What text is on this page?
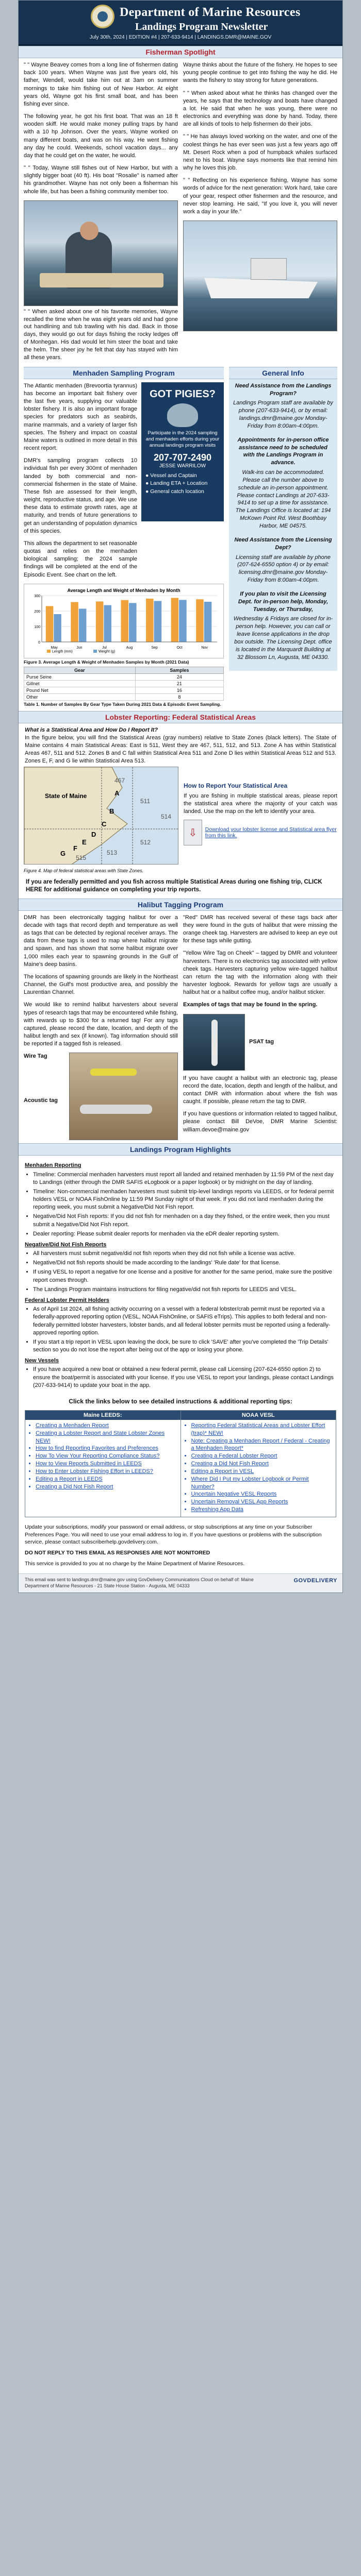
Department of Marine Resources
Landings Program Newsletter
July 30th, 2024 | EDITION #4 | 207-633-9414 | LANDINGS.DMR@MAINE.GOV
Fisherman Spotlight

" " Wayne Beavey comes from a long line of fishermen dating back 100 years. When Wayne was just five years old, his father, Wendell, would take him out at 3am on summer mornings to take him fishing out of New Harbor. At eight years old, Wayne got his first small boat, and has been fishing ever since.

The following year, he got his first boat. That was an 18 ft wooden skiff. He would make money pulling traps by hand with a 10 hp Johnson. Over the years, Wayne worked on many different boats, and was on his way. He went fishing any day he could. Weekends, school vacation days... any day that he could get on the water, he would.

" " Today, Wayne still fishes out of New Harbor, but with a slightly bigger boat (40 ft). His boat "Rosalie" is named after his grandmother. Wayne has not only been a fisherman his whole life, but has been a fishing community member too.

" " When asked about one of his favorite memories, Wayne recalled the time when he was eight years old and had gone out handlining and tub trawling with his dad. Back in those days, they would go out for days fishing the rocky ledges off of Monhegan. His dad would let him steer the boat and take the helm. The sheer joy he felt that day has stayed with him all these years.

Wayne thinks about the future of the fishery. He hopes to see young people continue to get into fishing the way he did. He wants the fishery to stay strong for future generations.

" " When asked about what he thinks has changed over the years, he says that the technology and boats have changed a lot. He said that when he was young, there were no electronics and everything was done by hand. Today, there are all kinds of tools to help fishermen do their jobs.

" " He has always loved working on the water, and one of the coolest things he has ever seen was just a few years ago off Mt. Desert Rock when a pod of humpback whales surfaced next to his boat. Wayne says moments like that remind him why he loves this job.

" " Reflecting on his experience fishing, Wayne has some words of advice for the next generation: Work hard, take care of your gear, respect other fishermen and the resource, and never stop learning. He said, "If you love it, you will never work a day in your life."

Menhaden Sampling Program

The Atlantic menhaden (Brevoortia tyrannus) has become an important bait fishery over the last five years, supplying our valuable lobster fishery. It is also an important forage species for predators such as seabirds, marine mammals, and a variety of larger fish species. The fishery and impact on coastal Maine waters is outlined in more detail in this recent report.

DMR's sampling program collects 10 individual fish per every 300mt of menhaden landed by both commercial and non-commercial fishermen in the state of Maine. These fish are assessed for their length, weight, reproductive status, and age. We use these data to estimate growth rates, age at maturity, and trends of future generations to get an understanding of population dynamics of this species.

This allows the department to set reasonable quotas and relies on the menhaden biological sampling; the 2024 sample findings will be completed at the end of the Episodic Event. See chart on the left.

GOT PIGIES?
Participate in the 2024 sampling and menhaden efforts during your annual landings program visits
207-707-2490
JESSE WARRILOW
● Vessel and Captain
● Landing ETA + Location
● General catch location
Average Length and Weight of Menhaden by Month
0
100
200
300
May	Jun	Jul	Aug	Sep	Oct	Nov
Length (mm)	Weight (g)
Figure 3. Average Length & Weight of Menhaden Samples by Month (2021 Data)
Gear	Samples
Purse Seine	24
Gillnet	21
Pound Net	16
Other	8
Table 1. Number of Samples By Gear Type Taken During 2021 Data & Episodic Event Sampling.
General Info
Need Assistance from the Landings Program?
Landings Program staff are available by phone (207-633-9414), or by email: landings.dmr@maine.gov Monday-Friday from 8:00am-4:00pm.
Appointments for in-person office assistance need to be scheduled with the Landings Program in advance.
Walk-ins can be accommodated. Please call the number above to schedule an in-person appointment. Please contact Landings at 207-633-9414 to set up a time for assistance. The Landings Office is located at: 194 McKown Point Rd. West Boothbay Harbor, ME 04575.
Need Assistance from the Licensing Dept?
Licensing staff are available by phone (207-624-6550 option 4) or by email: licensing.dmr@maine.gov Monday-Friday from 8:00am-4:00pm.
If you plan to visit the Licensing Dept. for in-person help, Monday, Tuesday, or Thursday,
Wednesday & Fridays are closed for in-person help. However, you can call or leave license applications in the drop box outside. The Licensing Dept. office is located in the Marquardt Building at 32 Blossom Ln, Augusta, ME 04330.
Lobster Reporting: Federal Statistical Areas
What is a Statistical Area and How Do I Report It?
In the figure below, you will find the Statistical Areas (gray numbers) relative to State Zones (black letters). The State of Maine contains 4 main Statistical Areas: East is 511, West they are 467, 511, 512, and 513. Zone A has within Statistical Areas 467, 511 and 512. Zones B and C fall within Statistical Area 511 and Zone D lies within Statistical Areas 512 and 513. Zones E, F, and G lie within Statistical Area 513.
State of Maine
467
511
512
513
514
515
A
B
C
D
E
F
G
Figure 4. Map of federal statistical areas with State Zones.
How to Report Your Statistical Area
If you are fishing in multiple statistical areas, please report the statistical area where the majority of your catch was landed. Use the map on the left to identify your area.
⇩	Download your lobster license and Statistical area flyer from this link.
If you are federally permitted and you fish across multiple Statistical Areas during one fishing trip, CLICK HERE for additional guidance on completing your trip reports.
Halibut Tagging Program

DMR has been electronically tagging halibut for over a decade with tags that record depth and temperature as well as tags that can be detected by regional receiver arrays. The data from these tags is used to map where halibut migrate and spawn, and has shown that some halibut migrate over 1,000 miles each year to spawning grounds in the Gulf of Maine's deep basins.

The locations of spawning grounds are likely in the Northeast Channel, the Gulf's most productive area, and possibly the Laurentian Channel.

We would like to remind halibut harvesters about several types of research tags that may be encountered while fishing, with rewards up to $300 for a returned tag! For any tags captured, please record the date, location, and depth of the halibut length and sex (if known). Tag information should still be reported if a tagged fish is released.

Wire Tag
Acoustic tag

"Red" DMR has received several of these tags back after they were found in the guts of halibut that were missing the orange cheek tag. Harvesters are advised to keep an eye out for these tags while gutting.

"Yellow Wire Tag on Cheek" – tagged by DMR and volunteer harvesters. There is no electronics tag associated with yellow cheek tags. Harvesters capturing yellow wire-tagged halibut can return the tag with the information along with their harvester logbook. Rewards for yellow tags are usually a halibut hat or a halibut coffee mug, and/or halibut sticker.

Examples of tags that may be found in the spring.

PSAT tag

If you have caught a halibut with an electronic tag, please record the date, location, depth and length of the halibut, and contact DMR with information about where the fish was caught. If possible, please return the tag to DMR.

If you have questions or information related to tagged halibut, please contact Bill DeVoe, DMR Marine Scientist: william.devoe@maine.gov

Landings Program Highlights
Menhaden Reporting
• Timeline: Commercial menhaden harvesters must report all landed and retained menhaden by 11:59 PM of the next day to Landings (either through the DMR SAFIS eLogbook or a paper logbook) or by midnight on the day of landing.
• Timeline: Non-commercial menhaden harvesters must submit trip-level landings reports via LEEDS, or for federal permit holders VESL or NOAA FishOnline by 11:59 PM Sunday night of that week. If you did not land menhaden during the reporting week, you must submit a Negative/Did Not Fish report.
• Negative/Did Not Fish reports: If you did not fish for menhaden on a day they fished, or the entire week, then you must submit a Negative/Did Not Fish report.
• Dealer reporting: Please submit dealer reports for menhaden via the eDR dealer reporting system.
Negative/Did Not Fish Reports
• All harvesters must submit negative/did not fish reports when they did not fish while a license was active.
• Negative/Did not fish reports should be made according to the landings' 'Rule date' for that license.
• If using VESL to report a negative for one license and a positive for another for the same period, make sure the positive report comes through.
• The Landings Program maintains instructions for filing negative/did not fish reports for LEEDS and VESL.
Federal Lobster Permit Holders
• As of April 1st 2024, all fishing activity occurring on a vessel with a federal lobster/crab permit must be reported via a federally-approved reporting option (VESL, NOAA FishOnline, or SAFIS eTrips). This applies to both federal and non-federally permitted lobster harvesters, lobster bands, and all federal lobster permits must be reported using a federally-approved reporting option.
• If you start a trip report in VESL upon leaving the dock, be sure to click 'SAVE' after you've completed the 'Trip Details' section so you do not lose the report after being out of the app or losing your phone.
New Vessels
• If you have acquired a new boat or obtained a new federal permit, please call Licensing (207-624-6550 option 2) to ensure the boat/permit is associated with your license. If you use VESL to report your landings, please contact Landings (207-633-9414) to update your boat in the app.
Click the links below to see detailed instructions & additional reporting tips:
Maine LEEDS:
• Creating a Menhaden Report
• Creating a Lobster Report and State Lobster Zones NEW!
• How to find Reporting Favorites and Preferences
• How To View Your Reporting Compliance Status?
• How to View Reports Submitted in LEEDS
• How to Enter Lobster Fishing Effort in LEEDS?
• Editing a Report in LEEDS
• Creating a Did Not Fish Report
NOAA VESL
• Reporting Federal Statistical Areas and Lobster Effort (trap)* NEW!
• Note: Creating a Menhaden Report / Federal - Creating a Menhaden Report*
• Creating a Federal Lobster Report
• Creating a Did Not Fish Report
• Editing a Report in VESL
• Where Did I Put my Lobster Logbook or Permit Number?
• Uncertain Negative VESL Reports
• Uncertain Removal VESL App Reports
• Refreshing App Data

Update your subscriptions, modify your password or email address, or stop subscriptions at any time on your Subscriber Preferences Page. You will need to use your email address to log in. If you have questions or problems with the subscription service, please contact subscriberhelp.govdelivery.com.

DO NOT REPLY TO THIS EMAIL AS RESPONSES ARE NOT MONITORED

This service is provided to you at no charge by the Maine Department of Marine Resources.

This email was sent to landings.dmr@maine.gov using GovDelivery Communications Cloud on behalf of: Maine Department of Marine Resources - 21 State House Station - Augusta, ME 04333
GOVDELIVERY
